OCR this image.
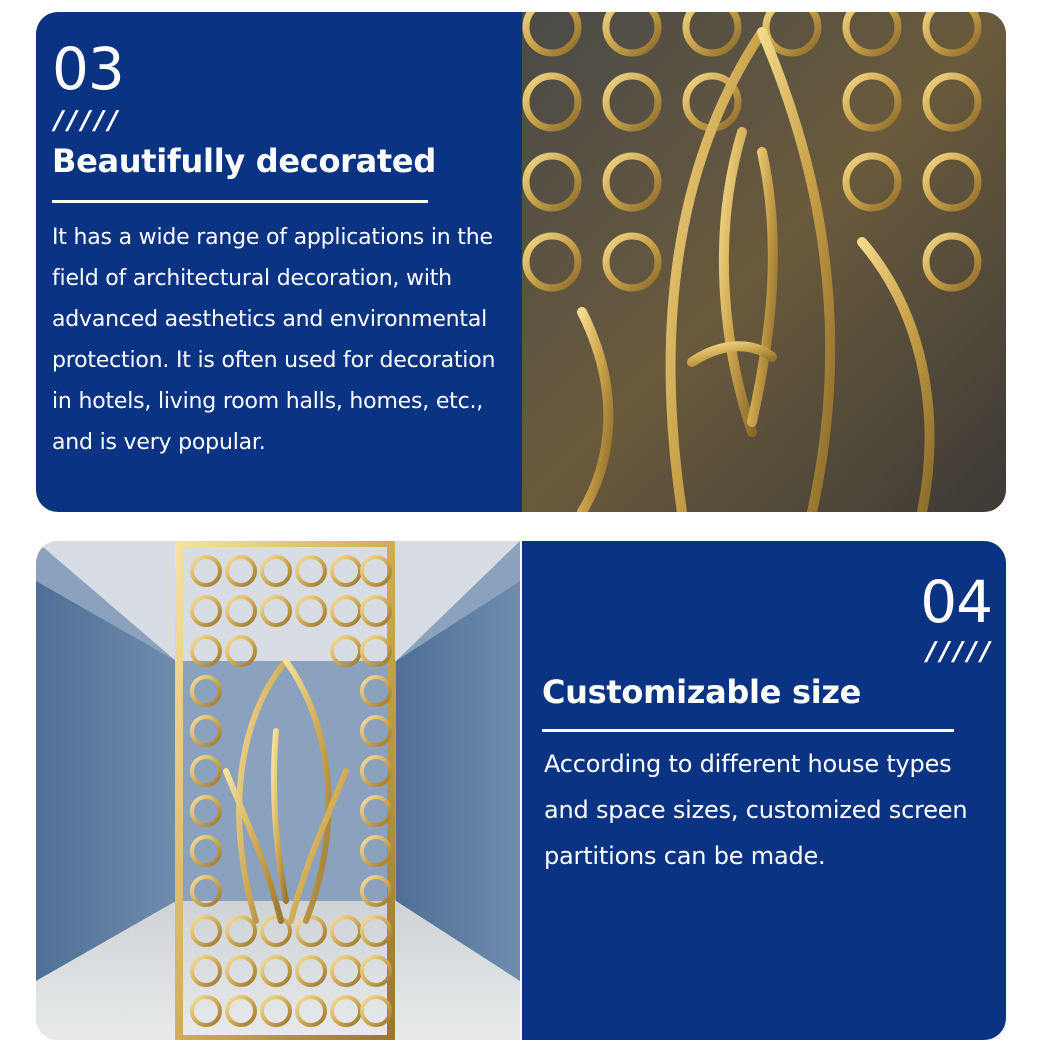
03
/////
Beautifully decorated
It has a wide range of applications in the field of architectural decoration, with advanced aesthetics and environmental protection. It is often used for decoration in hotels, living room halls, homes, etc., and is very popular.
04
/////
Customizable size
According to different house types and space sizes, customized screen partitions can be made.
